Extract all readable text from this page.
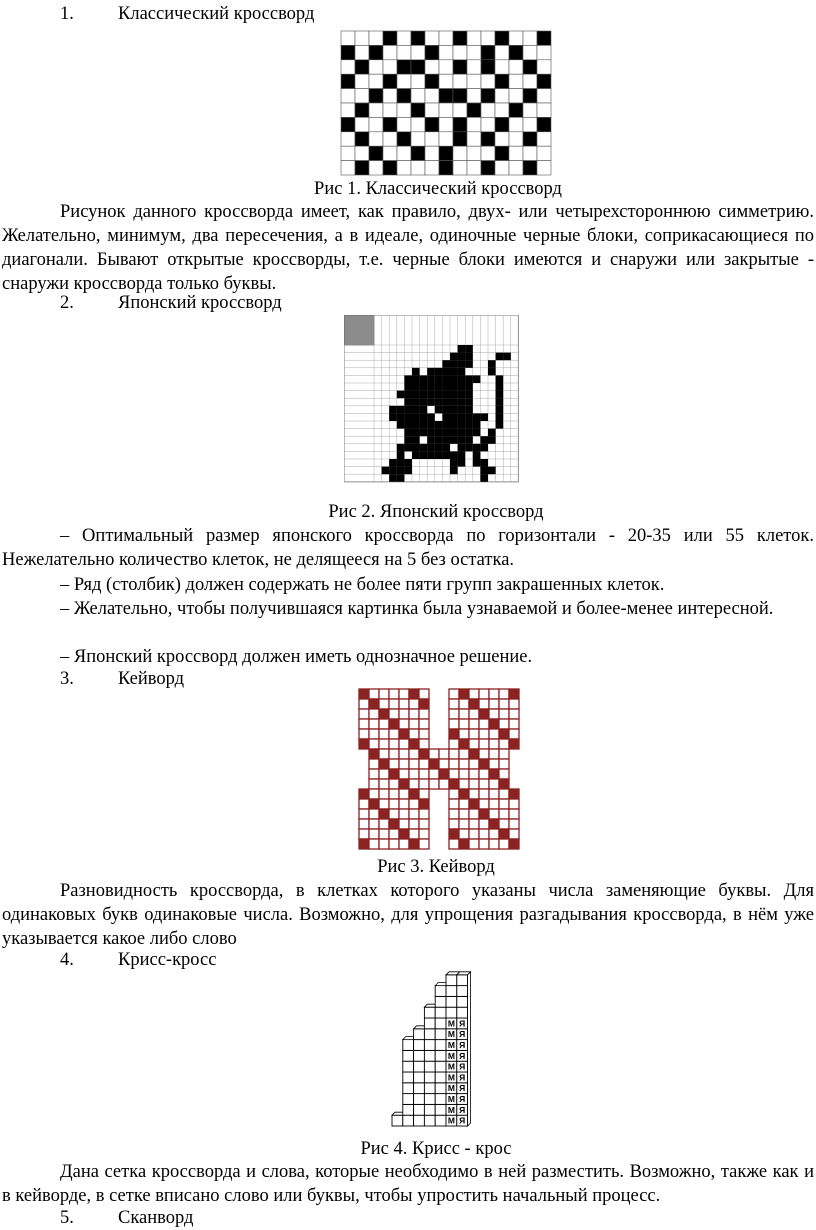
1. Классический кроссворд
Рис 1. Классический кроссворд
Рисунок данного кроссворда имеет, как правило, двух- или четырехстороннюю симметрию. Желательно, минимум, два пересечения, а в идеале, одиночные черные блоки, соприкасающиеся по диагонали. Бывают открытые кроссворды, т.е. черные блоки имеются и снаружи или закрытые - снаружи кроссворда только буквы.
2. Японский кроссворд
Рис 2. Японский кроссворд
– Оптимальный размер японского кроссворда по горизонтали - 20-35 или 55 клеток. Нежелательно количество клеток, не делящееся на 5 без остатка.
– Ряд (столбик) должен содержать не более пяти групп закрашенных клеток.
– Желательно, чтобы получившаяся картинка была узнаваемой и более-менее интересной.
– Японский кроссворд должен иметь однозначное решение.
3. Кейворд
Рис 3. Кейворд
Разновидность кроссворда, в клетках которого указаны числа заменяющие буквы. Для одинаковых букв одинаковые числа. Возможно, для упрощения разгадывания кроссворда, в нём уже указывается какое либо слово
4. Крисс-кросс
М Я
М Я
М Я
М Я
М Я
М Я
М Я
М Я
М Я
М Я
Рис 4. Крисс - крос
Дана сетка кроссворда и слова, которые необходимо в ней разместить. Возможно, также как и в кейворде, в сетке вписано слово или буквы, чтобы упростить начальный процесс.
5. Сканворд
